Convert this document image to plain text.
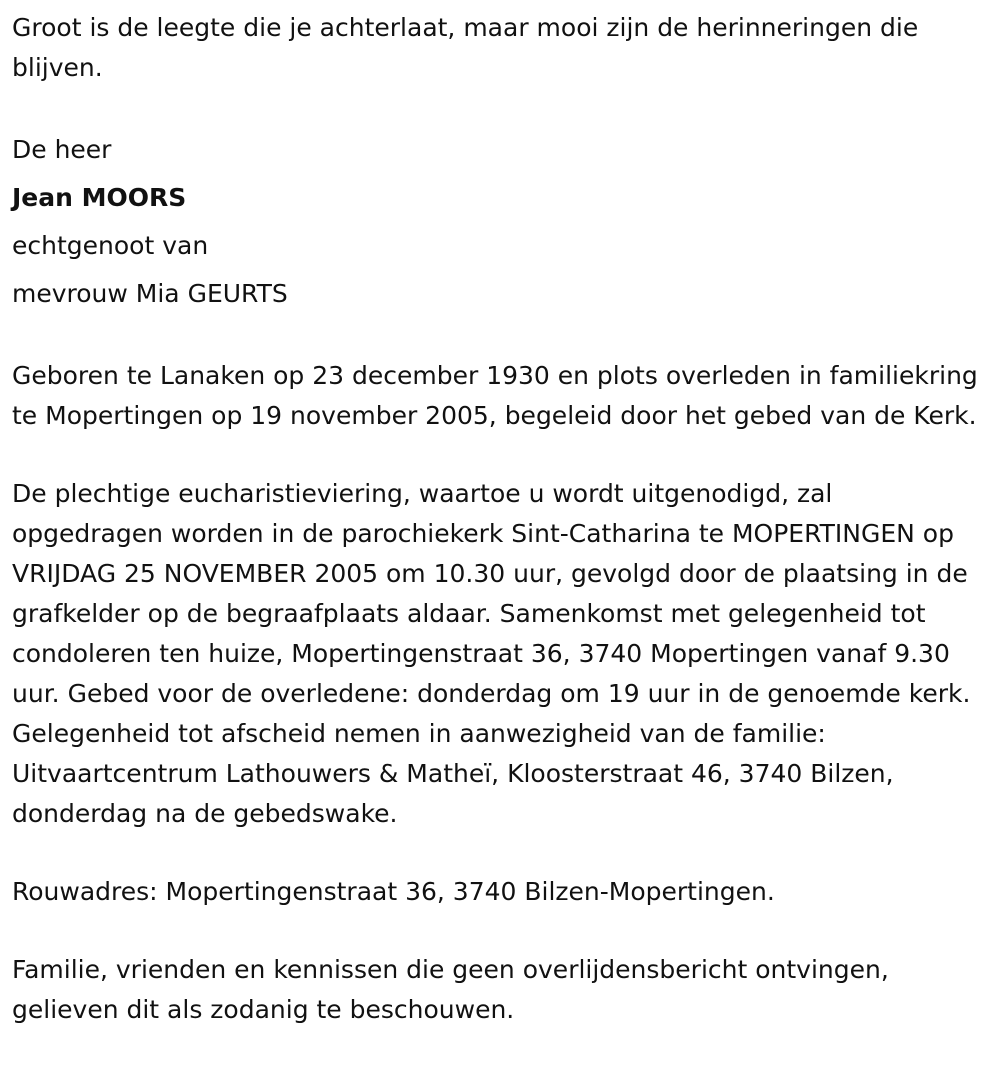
Groot is de leegte die je achterlaat, maar mooi zijn de herinneringen die blijven.

De heer

Jean MOORS

echtgenoot van

mevrouw Mia GEURTS

Geboren te Lanaken op 23 december 1930 en plots overleden in familiekring te Mopertingen op 19 november 2005, begeleid door het gebed van de Kerk.

De plechtige eucharistieviering, waartoe u wordt uitgenodigd, zal opgedragen worden in de parochiekerk Sint-Catharina te MOPERTINGEN op VRIJDAG 25 NOVEMBER 2005 om 10.30 uur, gevolgd door de plaatsing in de grafkelder op de begraafplaats aldaar. Samenkomst met gelegenheid tot condoleren ten huize, Mopertingenstraat 36, 3740 Mopertingen vanaf 9.30 uur. Gebed voor de overledene: donderdag om 19 uur in de genoemde kerk. Gelegenheid tot afscheid nemen in aanwezigheid van de familie: Uitvaartcentrum Lathouwers & Matheï, Kloosterstraat 46, 3740 Bilzen, donderdag na de gebedswake.

Rouwadres: Mopertingenstraat 36, 3740 Bilzen-Mopertingen.

Familie, vrienden en kennissen die geen overlijdensbericht ontvingen, gelieven dit als zodanig te beschouwen.
